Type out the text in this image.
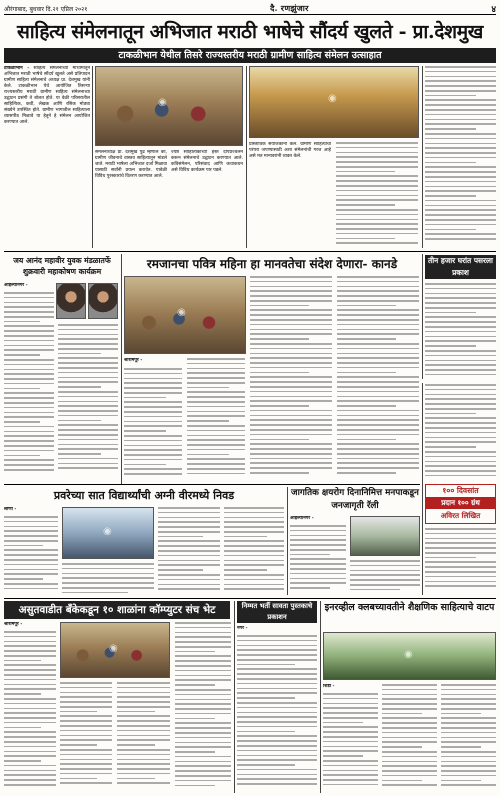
औरंगाबाद, बुधवार दि.२१ एप्रिल २०२१	दै. रणझुंजार	४
साहित्य संमेलनातून अभिजात मराठी भाषेचे सौंदर्य खुलते - प्रा.देशमुख
टाकळीभान येथील तिसरे राज्यस्तरीय मराठी ग्रामीण साहित्य संमेलन उत्साहात
टाकळीभान - साहित्य संमेलनाच्या माध्यमातून अभिजात मराठी भाषेचे सौंदर्य खुलते असे प्रतिपादन ग्रामीण साहित्य संमेलनाचे अध्यक्ष प्रा. देशमुख यांनी केले. टाकळीभान येथे आयोजित तिसऱ्या राज्यस्तरीय मराठी ग्रामीण साहित्य संमेलनाच्या उद्घाटन प्रसंगी ते बोलत होते. या वेळी परिसरातील साहित्यिक, कवी, लेखक आणि रसिक मोठ्या संख्येने उपस्थित होते. ग्रामीण भागातील साहित्याला व्यासपीठ मिळावे या हेतूने हे संमेलन आयोजित करण्यात आले.
◉
संमेलनाध्यक्ष प्रा. देशमुख पुढे म्हणाले की, ग्रामीण जीवनाचे वास्तव साहित्यातून मांडले जाते. मराठी भाषेला अभिजात दर्जा मिळावा यासाठी सर्वांनी प्रयत्न करावेत. यावेळी विविध पुरस्कारांचे वितरण करण्यात आले.
ज्येष्ठ साहित्यिकांच्या हस्ते दीपप्रज्वलन करून संमेलनाचे उद्घाटन करण्यात आले. कविसंमेलन, परिसंवाद आणि कथाकथन असे विविध कार्यक्रम पार पडले.
◉
प्रास्ताविक संयोजकांनी केले. ग्रामीण साहित्याची परंपरा जपण्यासाठी अशा संमेलनांची गरज आहे असे मत मान्यवरांनी व्यक्त केले.
जय आनंद महावीर युवक मंडळातर्फे शुक्रवारी महाकोषण कार्यक्रम
अहिल्यानगर -
रमजानचा पवित्र महिना हा मानवतेचा संदेश देणारा- कानडे
◉
श्रीरामपूर -
तीन हजार घरांत पसरला प्रकाश
प्रवरेच्या सात विद्यार्थ्यांची अग्नी वीरमध्ये निवड
लोणी -
◉
जागतिक क्षयरोग दिनानिमित्त मनपाकडून जनजागृती रॅली
अहिल्यानगर -
१०० दिवसांत
प्रदान १०० ग्रंथ
अविरत लिखित
असुतवाडीत बँकेकडून १० शाळांना कॉम्प्युटर संच भेट
श्रीरामपूर -
◉
निम्मत भर्ती सावता पुस्तकाचे प्रकाशन
नगर -
इनरव्हील क्लबच्यावतीने शैक्षणिक साहित्याचे वाटप
◉
शिर्डी -
